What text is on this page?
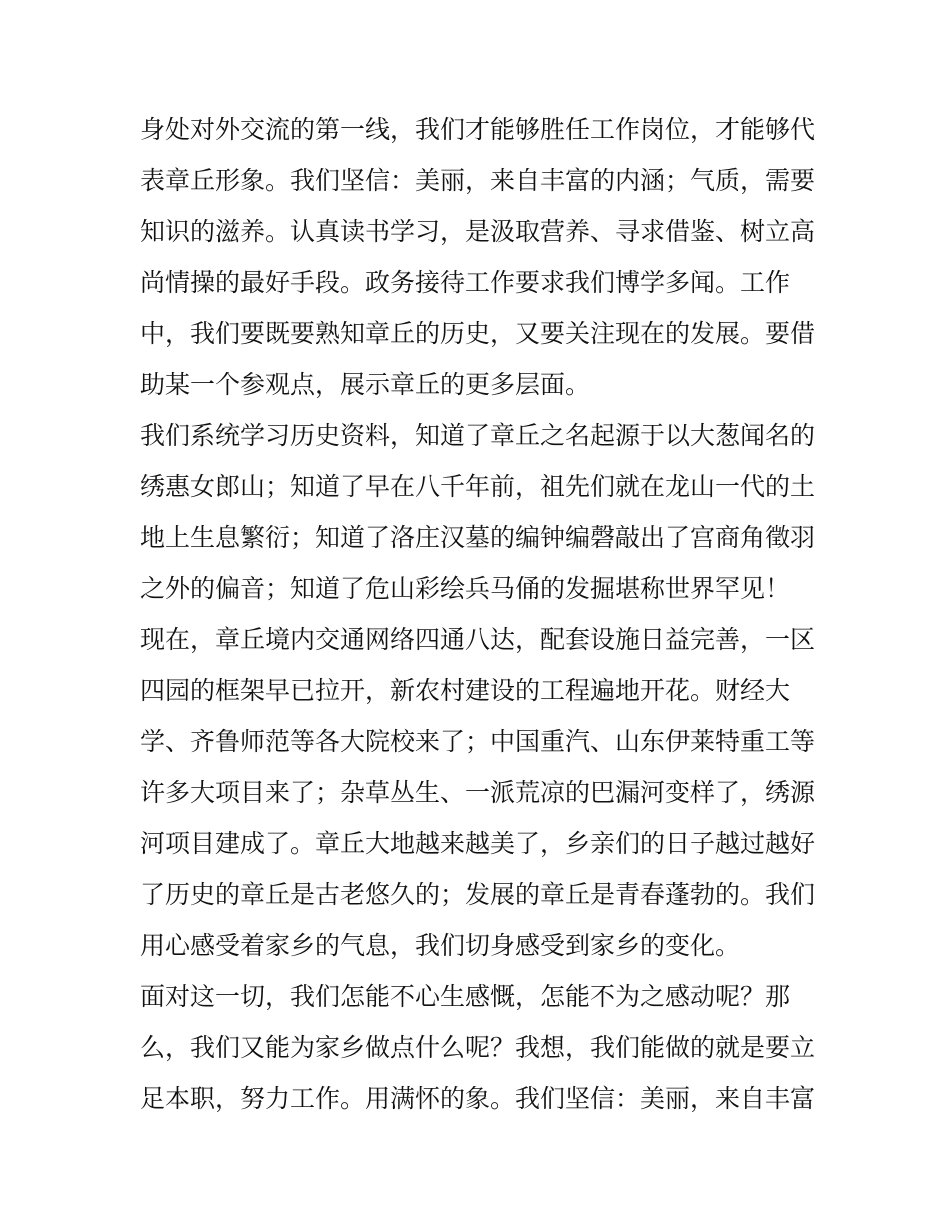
身处对外交流的第一线，我们才能够胜任工作岗位，才能够代
表章丘形象。我们坚信：美丽，来自丰富的内涵；气质，需要
知识的滋养。认真读书学习，是汲取营养、寻求借鉴、树立高
尚情操的最好手段。政务接待工作要求我们博学多闻。工作
中，我们要既要熟知章丘的历史，又要关注现在的发展。要借
助某一个参观点，展示章丘的更多层面。
我们系统学习历史资料，知道了章丘之名起源于以大葱闻名的
绣惠女郎山；知道了早在八千年前，祖先们就在龙山一代的土
地上生息繁衍；知道了洛庄汉墓的编钟编磬敲出了宫商角徵羽
之外的偏音；知道了危山彩绘兵马俑的发掘堪称世界罕见！
现在，章丘境内交通网络四通八达，配套设施日益完善，一区
四园的框架早已拉开，新农村建设的工程遍地开花。财经大
学、齐鲁师范等各大院校来了；中国重汽、山东伊莱特重工等
许多大项目来了；杂草丛生、一派荒凉的巴漏河变样了，绣源
河项目建成了。章丘大地越来越美了，乡亲们的日子越过越好
了历史的章丘是古老悠久的；发展的章丘是青春蓬勃的。我们
用心感受着家乡的气息，我们切身感受到家乡的变化。
面对这一切，我们怎能不心生感慨，怎能不为之感动呢？那
么，我们又能为家乡做点什么呢？我想，我们能做的就是要立
足本职，努力工作。用满怀的象。我们坚信：美丽，来自丰富
